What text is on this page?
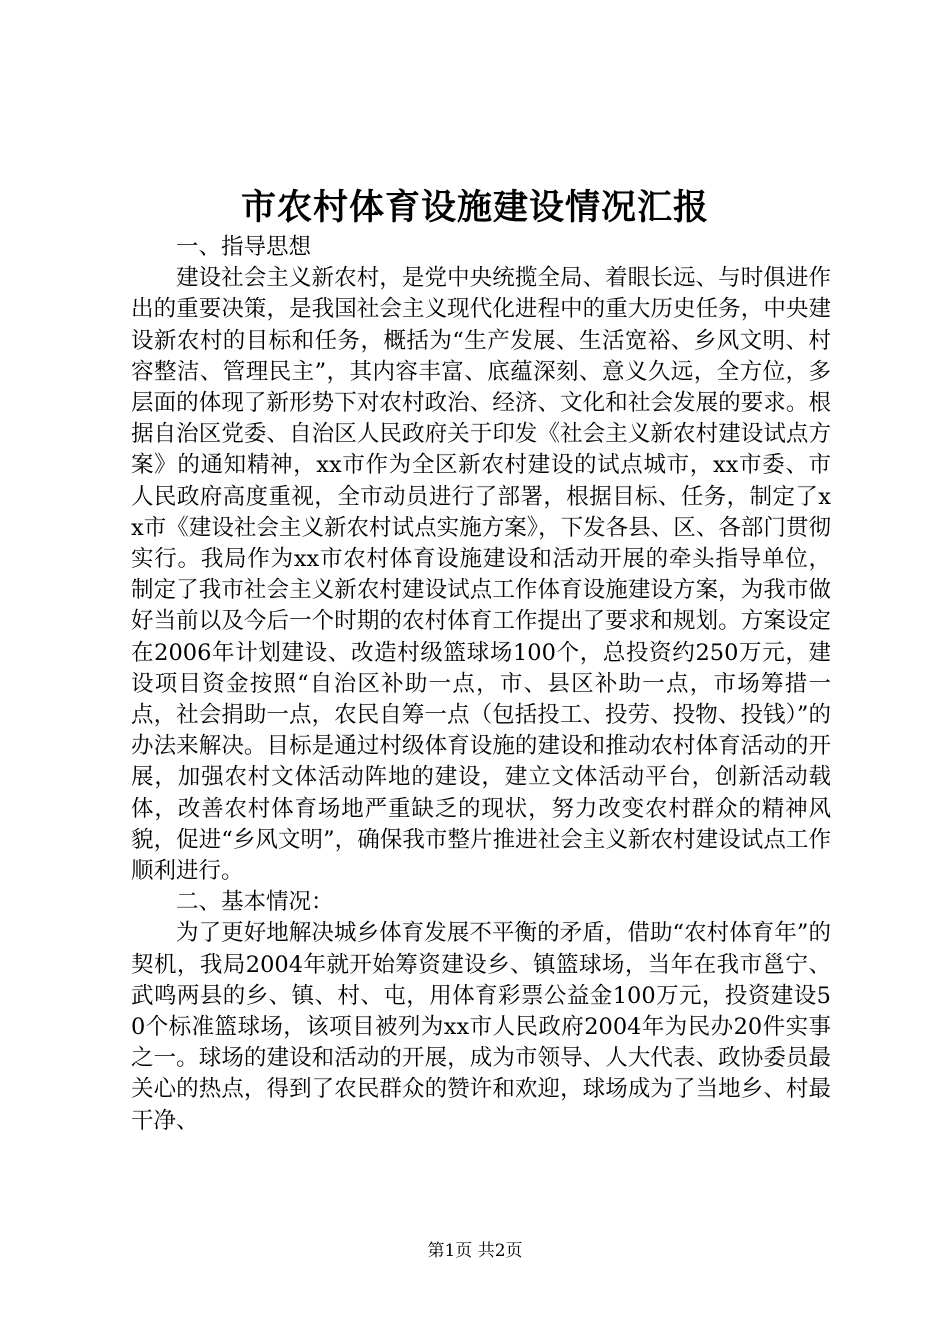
市农村体育设施建设情况汇报

一、指导思想

建设社会主义新农村，是党中央统揽全局、着眼长远、与时俱进作出的重要决策，是我国社会主义现代化进程中的重大历史任务，中央建设新农村的目标和任务，概括为“生产发展、生活宽裕、乡风文明、村容整洁、管理民主”，其内容丰富、底蕴深刻、意义久远，全方位，多层面的体现了新形势下对农村政治、经济、文化和社会发展的要求。根据自治区党委、自治区人民政府关于印发《社会主义新农村建设试点方案》的通知精神，xx市作为全区新农村建设的试点城市，xx市委、市人民政府高度重视，全市动员进行了部署，根据目标、任务，制定了xx市《建设社会主义新农村试点实施方案》，下发各县、区、各部门贯彻实行。我局作为xx市农村体育设施建设和活动开展的牵头指导单位，制定了我市社会主义新农村建设试点工作体育设施建设方案，为我市做好当前以及今后一个时期的农村体育工作提出了要求和规划。方案设定在2006年计划建设、改造村级篮球场100个，总投资约250万元，建设项目资金按照“自治区补助一点，市、县区补助一点，市场筹措一点，社会捐助一点，农民自筹一点（包括投工、投劳、投物、投钱）”的办法来解决。目标是通过村级体育设施的建设和推动农村体育活动的开展，加强农村文体活动阵地的建设，建立文体活动平台，创新活动载体，改善农村体育场地严重缺乏的现状，努力改变农村群众的精神风貌，促进“乡风文明”，确保我市整片推进社会主义新农村建设试点工作顺利进行。

二、基本情况：

为了更好地解决城乡体育发展不平衡的矛盾，借助“农村体育年”的契机，我局2004年就开始筹资建设乡、镇篮球场，当年在我市邕宁、武鸣两县的乡、镇、村、屯，用体育彩票公益金100万元，投资建设50个标准篮球场，该项目被列为xx市人民政府2004年为民办20件实事之一。球场的建设和活动的开展，成为市领导、人大代表、政协委员最关心的热点，得到了农民群众的赞许和欢迎，球场成为了当地乡、村最干净、

第1页 共2页
